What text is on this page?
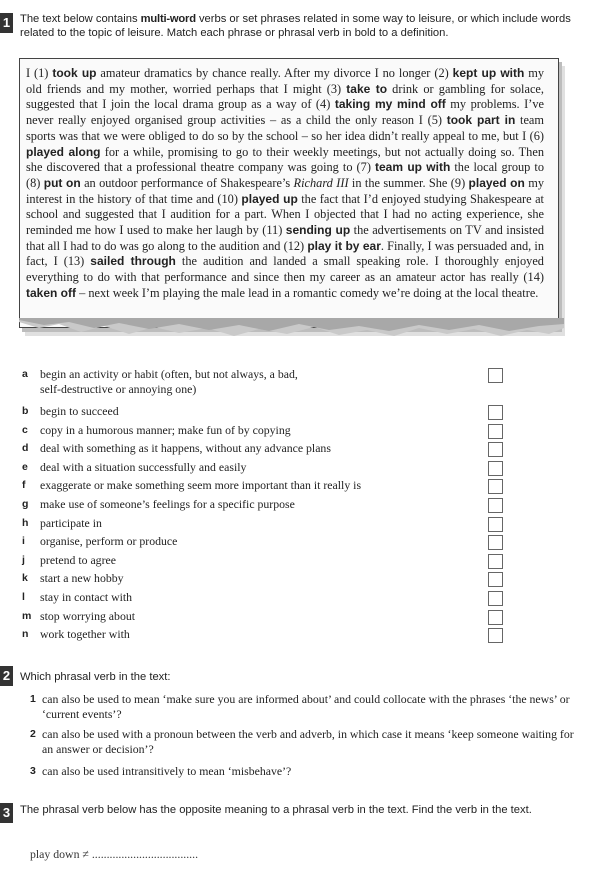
1 The text below contains multi-word verbs or set phrases related in some way to leisure, or which include words related to the topic of leisure. Match each phrase or phrasal verb in bold to a definition.
I (1) took up amateur dramatics by chance really. After my divorce I no longer (2) kept up with my old friends and my mother, worried perhaps that I might (3) take to drink or gambling for solace, suggested that I join the local drama group as a way of (4) taking my mind off my problems. I’ve never really enjoyed organised group activities – as a child the only reason I (5) took part in team sports was that we were obliged to do so by the school – so her idea didn’t really appeal to me, but I (6) played along for a while, promising to go to their weekly meetings, but not actually doing so. Then she discovered that a professional theatre company was going to (7) team up with the local group to (8) put on an outdoor performance of Shakespeare’s Richard III in the summer. She (9) played on my interest in the history of that time and (10) played up the fact that I’d enjoyed studying Shakespeare at school and suggested that I audition for a part. When I objected that I had no acting experience, she reminded me how I used to make her laugh by (11) sending up the advertisements on TV and insisted that all I had to do was go along to the audition and (12) play it by ear. Finally, I was persuaded and, in fact, I (13) sailed through the audition and landed a small speaking role. I thoroughly enjoyed everything to do with that performance and since then my career as an amateur actor has really (14) taken off – next week I’m playing the male lead in a romantic comedy we’re doing at the local theatre.
a	begin an activity or habit (often, but not always, a bad, self-destructive or annoying one)
b begin to succeed
c	copy in a humorous manner; make fun of by copying
d deal with something as it happens, without any advance plans
e	deal with a situation successfully and easily
f	exaggerate or make something seem more important than it really is
g make use of someone’s feelings for a specific purpose
h participate in
i	organise, perform or produce
j	pretend to agree
k	start a new hobby
l	stay in contact with
m stop worrying about
n work together with
2 Which phrasal verb in the text:
1 can also be used to mean ‘make sure you are informed about’ and could collocate with the phrases ‘the news’ or ‘current events’?
2 can also be used with a pronoun between the verb and adverb, in which case it means ‘keep someone waiting for an answer or decision’?
3 can also be used intransitively to mean ‘misbehave’?
3 The phrasal verb below has the opposite meaning to a phrasal verb in the text. Find the verb in the text.
play down ≠ ....................................
